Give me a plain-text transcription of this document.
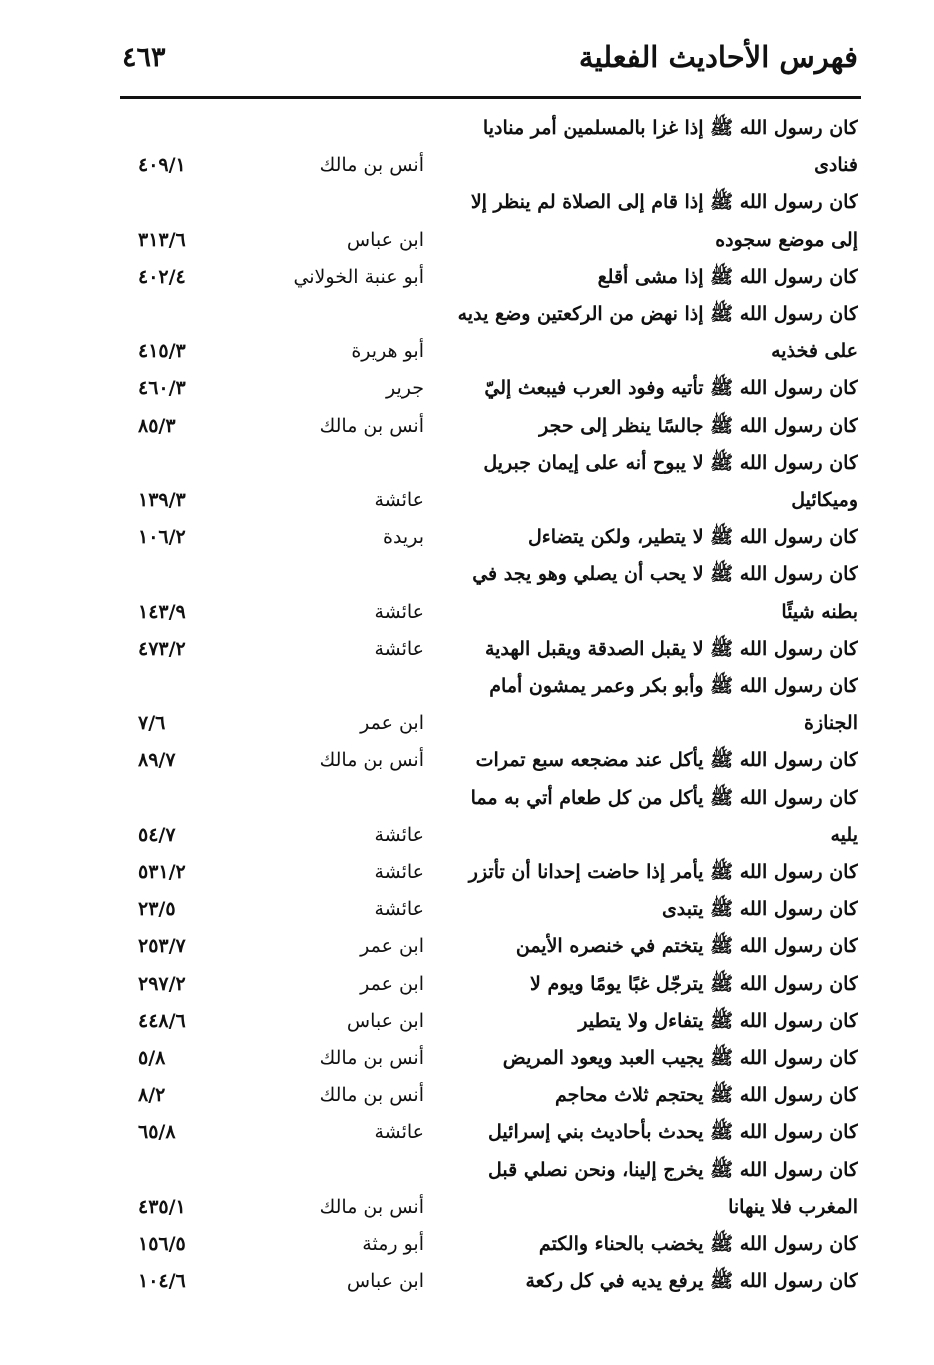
فهرس الأحاديث الفعلية
٤٦٣
كان رسول الله ﷺ إذا غزا بالمسلمين أمر مناديا
فنادى
أنس بن مالك
٤٠٩/١
كان رسول الله ﷺ إذا قام إلى الصلاة لم ينظر إلا
إلى موضع سجوده
ابن عباس
٣١٣/٦
كان رسول الله ﷺ إذا مشى أقلع
أبو عنبة الخولاني
٤٠٢/٤
كان رسول الله ﷺ إذا نهض من الركعتين وضع يديه
على فخذيه
أبو هريرة
٤١٥/٣
كان رسول الله ﷺ تأتيه وفود العرب فيبعث إليّ
جرير
٤٦٠/٣
كان رسول الله ﷺ جالسًا ينظر إلى حجر
أنس بن مالك
٨٥/٣
كان رسول الله ﷺ لا يبوح أنه على إيمان جبريل
وميكائيل
عائشة
١٣٩/٣
كان رسول الله ﷺ لا يتطير، ولكن يتضاءل
بريدة
١٠٦/٢
كان رسول الله ﷺ لا يحب أن يصلي وهو يجد في
بطنه شيئًا
عائشة
١٤٣/٩
كان رسول الله ﷺ لا يقبل الصدقة ويقبل الهدية
عائشة
٤٧٣/٢
كان رسول الله ﷺ وأبو بكر وعمر يمشون أمام
الجنازة
ابن عمر
٧/٦
كان رسول الله ﷺ يأكل عند مضجعه سبع تمرات
أنس بن مالك
٨٩/٧
كان رسول الله ﷺ يأكل من كل طعام أتي به مما
يليه
عائشة
٥٤/٧
كان رسول الله ﷺ يأمر إذا حاضت إحدانا أن تأتزر
عائشة
٥٣١/٢
كان رسول الله ﷺ يتبدى
عائشة
٢٣/٥
كان رسول الله ﷺ يتختم في خنصره الأيمن
ابن عمر
٢٥٣/٧
كان رسول الله ﷺ يترجّل غبًا يومًا ويوم لا
ابن عمر
٢٩٧/٢
كان رسول الله ﷺ يتفاءل ولا يتطير
ابن عباس
٤٤٨/٦
كان رسول الله ﷺ يجيب العبد ويعود المريض
أنس بن مالك
٥/٨
كان رسول الله ﷺ يحتجم ثلاث محاجم
أنس بن مالك
٨/٢
كان رسول الله ﷺ يحدث بأحاديث بني إسرائيل
عائشة
٦٥/٨
كان رسول الله ﷺ يخرج إلينا، ونحن نصلي قبل
المغرب فلا ينهانا
أنس بن مالك
٤٣٥/١
كان رسول الله ﷺ يخضب بالحناء والكتم
أبو رمثة
١٥٦/٥
كان رسول الله ﷺ يرفع يديه في كل ركعة
ابن عباس
١٠٤/٦
